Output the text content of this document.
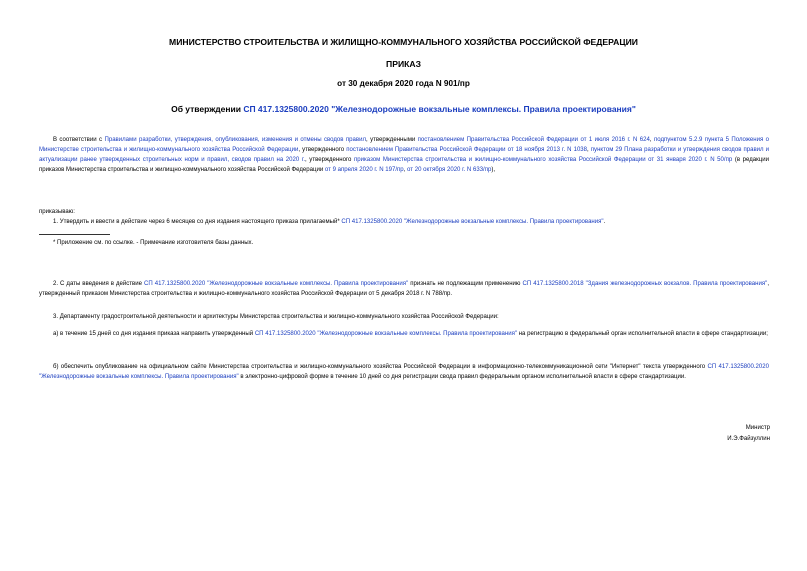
МИНИСТЕРСТВО СТРОИТЕЛЬСТВА И ЖИЛИЩНО-КОММУНАЛЬНОГО ХОЗЯЙСТВА РОССИЙСКОЙ ФЕДЕРАЦИИ
ПРИКАЗ
от 30 декабря 2020 года N 901/пр
Об утверждении СП 417.1325800.2020 "Железнодорожные вокзальные комплексы. Правила проектирования"
В соответствии с Правилами разработки, утверждения, опубликования, изменения и отмены сводов правил, утвержденными постановлением Правительства Российской Федерации от 1 июля 2016 г. N 624, подпунктом 5.2.9 пункта 5 Положения о Министерстве строительства и жилищно-коммунального хозяйства Российской Федерации, утвержденного постановлением Правительства Российской Федерации от 18 ноября 2013 г. N 1038, пунктом 29 Плана разработки и утверждения сводов правил и актуализации ранее утвержденных строительных норм и правил, сводов правил на 2020 г., утвержденного приказом Министерства строительства и жилищно-коммунального хозяйства Российской Федерации от 31 января 2020 г. N 50/пр (в редакции приказов Министерства строительства и жилищно-коммунального хозяйства Российской Федерации от 9 апреля 2020 г. N 197/пр, от 20 октября 2020 г. N 633/пр),
приказываю:
1. Утвердить и ввести в действие через 6 месяцев со дня издания настоящего приказа прилагаемый* СП 417.1325800.2020 "Железнодорожные вокзальные комплексы. Правила проектирования".
* Приложение см. по ссылке. - Примечание изготовителя базы данных.
2. С даты введения в действие СП 417.1325800.2020 "Железнодорожные вокзальные комплексы. Правила проектирования" признать не подлежащим применению СП 417.1325800.2018 "Здания железнодорожных вокзалов. Правила проектирования", утвержденный приказом Министерства строительства и жилищно-коммунального хозяйства Российской Федерации от 5 декабря 2018 г. N 788/пр.
3. Департаменту градостроительной деятельности и архитектуры Министерства строительства и жилищно-коммунального хозяйства Российской Федерации:
а) в течение 15 дней со дня издания приказа направить утвержденный СП 417.1325800.2020 "Железнодорожные вокзальные комплексы. Правила проектирования" на регистрацию в федеральный орган исполнительной власти в сфере стандартизации;
б) обеспечить опубликование на официальном сайте Министерства строительства и жилищно-коммунального хозяйства Российской Федерации в информационно-телекоммуникационной сети "Интернет" текста утвержденного СП 417.1325800.2020 "Железнодорожные вокзальные комплексы. Правила проектирования" в электронно-цифровой форме в течение 10 дней со дня регистрации свода правил федеральным органом исполнительной власти в сфере стандартизации.
Министр
И.Э.Файзуллин
